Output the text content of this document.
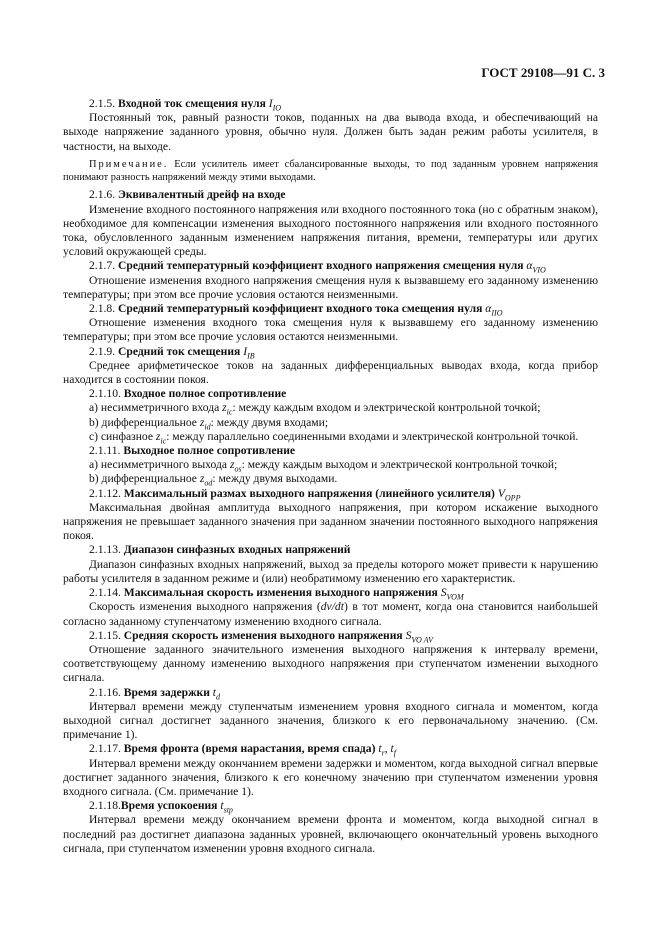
ГОСТ 29108—91 С. 3

2.1.5. Входной ток смещения нуля $I_{IO}$

Постоянный ток, равный разности токов, поданных на два вывода входа, и обеспечивающий на выходе напряжение заданного уровня, обычно нуля. Должен быть задан режим работы усилителя, в частности, на выходе.

Примечание. Если усилитель имеет сбалансированные выходы, то под заданным уровнем напряжения понимают разность напряжений между этими выходами.

2.1.6. Эквивалентный дрейф на входе

Изменение входного постоянного напряжения или входного постоянного тока (но с обратным знаком), необходимое для компенсации изменения выходного постоянного напряжения или входного постоянного тока, обусловленного заданным изменением напряжения питания, времени, температуры или других условий окружающей среды.

2.1.7. Средний температурный коэффициент входного напряжения смещения нуля $\alpha_{VIO}$

Отношение изменения входного напряжения смещения нуля к вызвавшему его заданному изменению температуры; при этом все прочие условия остаются неизменными.

2.1.8. Средний температурный коэффициент входного тока смещения нуля $\alpha_{IIO}$

Отношение изменения входного тока смещения нуля к вызвавшему его заданному изменению температуры; при этом все прочие условия остаются неизменными.

2.1.9. Средний ток смещения $I_{IB}$

Среднее арифметическое токов на заданных дифференциальных выводах входа, когда прибор находится в состоянии покоя.

2.1.10. Входное полное сопротивление

а) несимметричного входа $z_{ic}$: между каждым входом и электрической контрольной точкой;

b) дифференциальное $z_{id}$: между двумя входами;

с) синфазное $z_{ic}$: между параллельно соединенными входами и электрической контрольной точкой.

2.1.11. Выходное полное сопротивление

а) несимметричного выхода $z_{os}$: между каждым выходом и электрической контрольной точкой;

b) дифференциальное $z_{od}$: между двумя выходами.

2.1.12. Максимальный размах выходного напряжения (линейного усилителя) $V_{OPP}$

Максимальная двойная амплитуда выходного напряжения, при котором искажение выходного напряжения не превышает заданного значения при заданном значении постоянного выходного напряжения покоя.

2.1.13. Диапазон синфазных входных напряжений

Диапазон синфазных входных напряжений, выход за пределы которого может привести к нарушению работы усилителя в заданном режиме и (или) необратимому изменению его характеристик.

2.1.14. Максимальная скорость изменения выходного напряжения $S_{VOM}$

Скорость изменения выходного напряжения (dv/dt) в тот момент, когда она становится наибольшей согласно заданному ступенчатому изменению входного сигнала.

2.1.15. Средняя скорость изменения выходного напряжения $S_{VO AV}$

Отношение заданного значительного изменения выходного напряжения к интервалу времени, соответствующему данному изменению выходного напряжения при ступенчатом изменении выходного сигнала.

2.1.16. Время задержки $t_d$

Интервал времени между ступенчатым изменением уровня входного сигнала и моментом, когда выходной сигнал достигнет заданного значения, близкого к его первоначальному значению. (См. примечание 1).

2.1.17. Время фронта (время нарастания, время спада) $t_r$, $t_f$

Интервал времени между окончанием времени задержки и моментом, когда выходной сигнал впервые достигнет заданного значения, близкого к его конечному значению при ступенчатом изменении уровня входного сигнала. (См. примечание 1).

2.1.18.Время успокоения $t_{stp}$

Интервал времени между окончанием времени фронта и моментом, когда выходной сигнал в последний раз достигнет диапазона заданных уровней, включающего окончательный уровень выходного сигнала, при ступенчатом изменении уровня входного сигнала.
